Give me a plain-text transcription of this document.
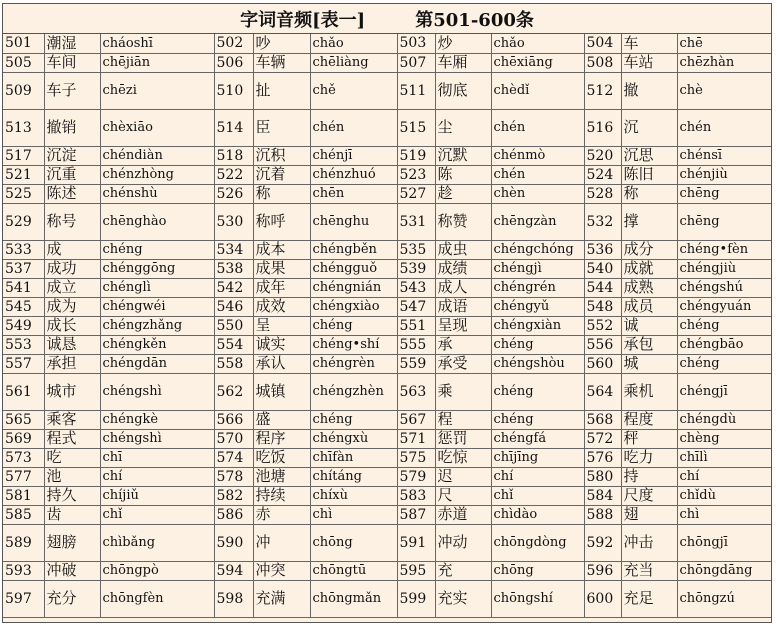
字词音频[表一]        第501-600条
501	潮湿	cháoshī	502	吵	chǎo	503	炒	chǎo	504	车	chē
505	车间	chējiān	506	车辆	chēliàng	507	车厢	chēxiāng	508	车站	chēzhàn
509	车子	chēzi	510	扯	chě	511	彻底	chèdǐ	512	撤	chè
513	撤销	chèxiāo	514	臣	chén	515	尘	chén	516	沉	chén
517	沉淀	chéndiàn	518	沉积	chénjī	519	沉默	chénmò	520	沉思	chénsī
521	沉重	chénzhòng	522	沉着	chénzhuó	523	陈	chén	524	陈旧	chénjiù
525	陈述	chénshù	526	称	chēn	527	趁	chèn	528	称	chēng
529	称号	chēnghào	530	称呼	chēnghu	531	称赞	chēngzàn	532	撑	chēng
533	成	chéng	534	成本	chéngběn	535	成虫	chéngchóng	536	成分	chéng•fèn
537	成功	chénggōng	538	成果	chéngguǒ	539	成绩	chéngjì	540	成就	chéngjiù
541	成立	chénglì	542	成年	chéngnián	543	成人	chéngrén	544	成熟	chéngshú
545	成为	chéngwéi	546	成效	chéngxiào	547	成语	chéngyǔ	548	成员	chéngyuán
549	成长	chéngzhǎng	550	呈	chéng	551	呈现	chéngxiàn	552	诚	chéng
553	诚恳	chéngkěn	554	诚实	chéng•shí	555	承	chéng	556	承包	chéngbāo
557	承担	chéngdān	558	承认	chéngrèn	559	承受	chéngshòu	560	城	chéng
561	城市	chéngshì	562	城镇	chéngzhèn	563	乘	chéng	564	乘机	chéngjī
565	乘客	chéngkè	566	盛	chéng	567	程	chéng	568	程度	chéngdù
569	程式	chéngshì	570	程序	chéngxù	571	惩罚	chéngfá	572	秤	chèng
573	吃	chī	574	吃饭	chīfàn	575	吃惊	chījīng	576	吃力	chīlì
577	池	chí	578	池塘	chítáng	579	迟	chí	580	持	chí
581	持久	chíjiǔ	582	持续	chíxù	583	尺	chǐ	584	尺度	chǐdù
585	齿	chǐ	586	赤	chì	587	赤道	chìdào	588	翅	chì
589	翅膀	chìbǎng	590	冲	chōng	591	冲动	chōngdòng	592	冲击	chōngjī
593	冲破	chōngpò	594	冲突	chōngtū	595	充	chōng	596	充当	chōngdāng
597	充分	chōngfèn	598	充满	chōngmǎn	599	充实	chōngshí	600	充足	chōngzú
